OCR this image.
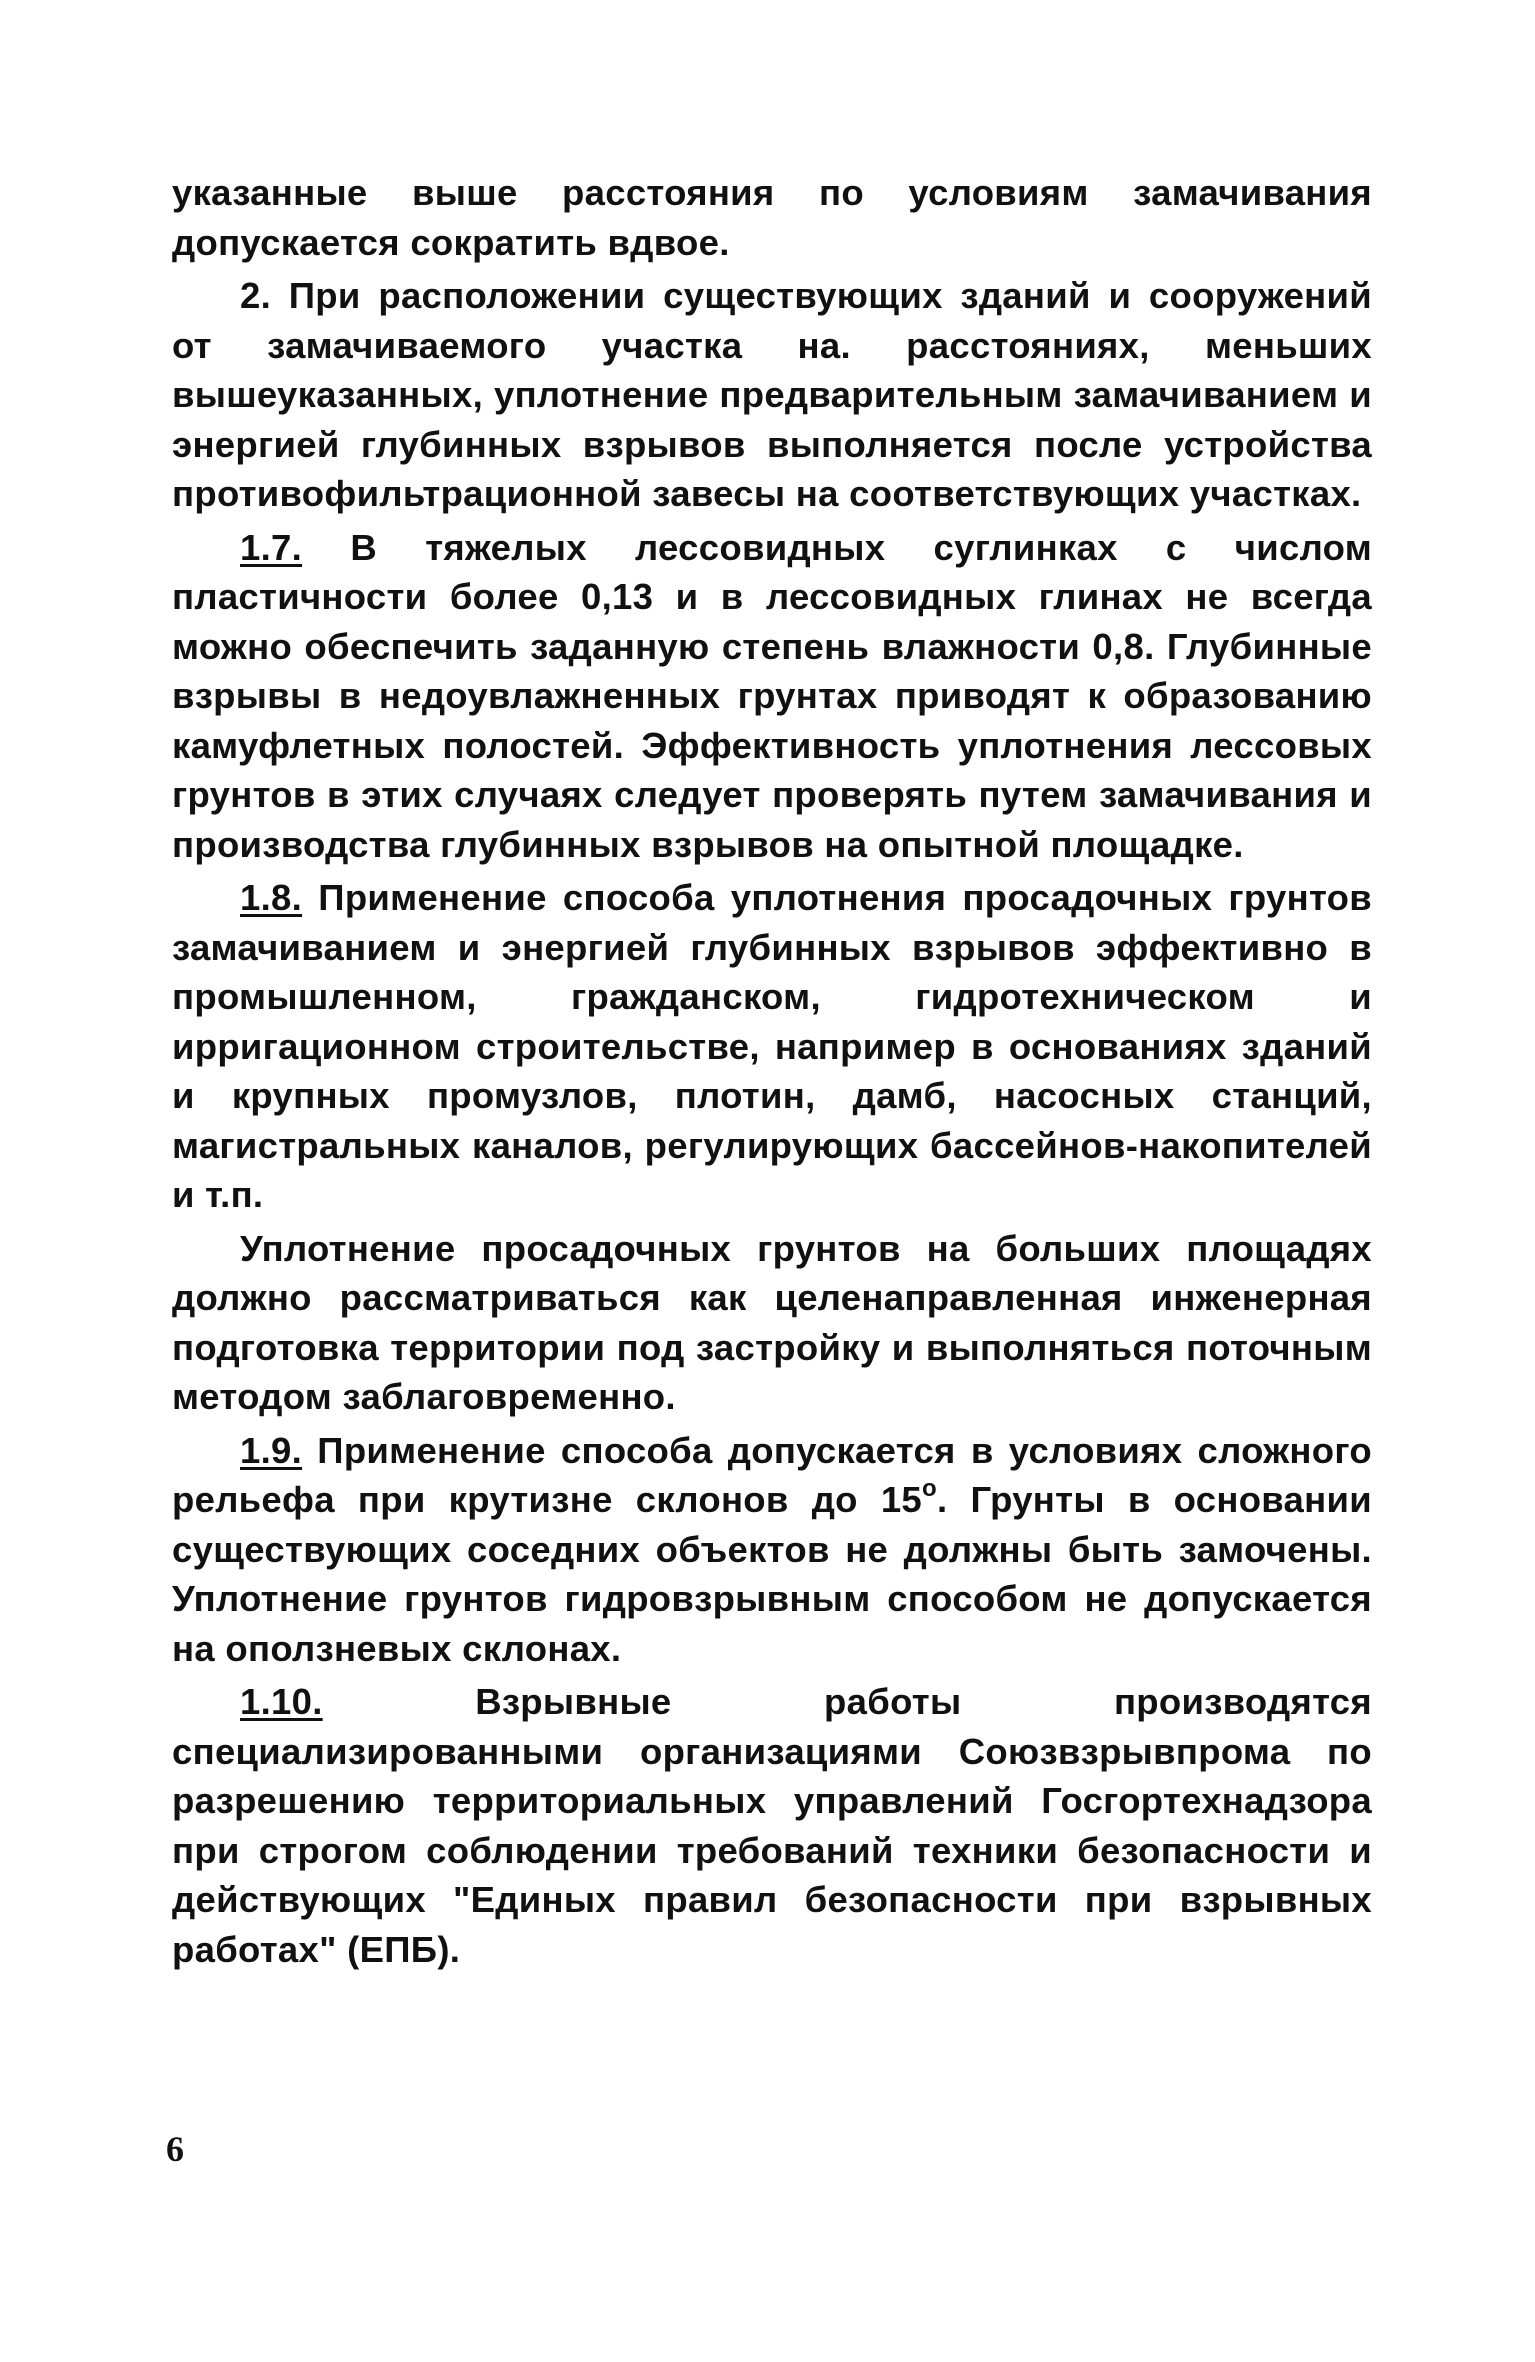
указанные выше расстояния по условиям замачивания допускается сократить вдвое.

2. При расположении существующих зданий и сооружений от замачиваемого участка на. расстояниях, меньших вышеуказанных, уплотнение предварительным замачиванием и энергией глубинных взрывов выполняется после устройства противофильтрационной завесы на соответствующих участках.

1.7. В тяжелых лессовидных суглинках с числом пластичности более 0,13 и в лессовидных глинах не всегда можно обеспечить заданную степень влажности 0,8. Глубинные взрывы в недоувлажненных грунтах приводят к образованию камуфлетных полостей. Эффективность уплотнения лессовых грунтов в этих случаях следует проверять путем замачивания и производства глубинных взрывов на опытной площадке.

1.8. Применение способа уплотнения просадочных грунтов замачиванием и энергией глубинных взрывов эффективно в промышленном, гражданском, гидротехническом и ирригационном строительстве, например в основаниях зданий и крупных промузлов, плотин, дамб, насосных станций, магистральных каналов, регулирующих бассейнов-накопителей и т.п.

Уплотнение просадочных грунтов на больших площадях должно рассматриваться как целенаправленная инженерная подготовка территории под застройку и выполняться поточным методом заблаговременно.

1.9. Применение способа допускается в условиях сложного рельефа при крутизне склонов до 15$^o$. Грунты в основании существующих соседних объектов не должны быть замочены. Уплотнение грунтов гидровзрывным способом не допускается на оползневых склонах.

1.10. Взрывные работы производятся специализированными организациями Союзвзрывпрома по разрешению территориальных управлений Госгортехнадзора при строгом соблюдении требований техники безопасности и действующих "Единых правил безопасности при взрывных работах" (ЕПБ).

6
